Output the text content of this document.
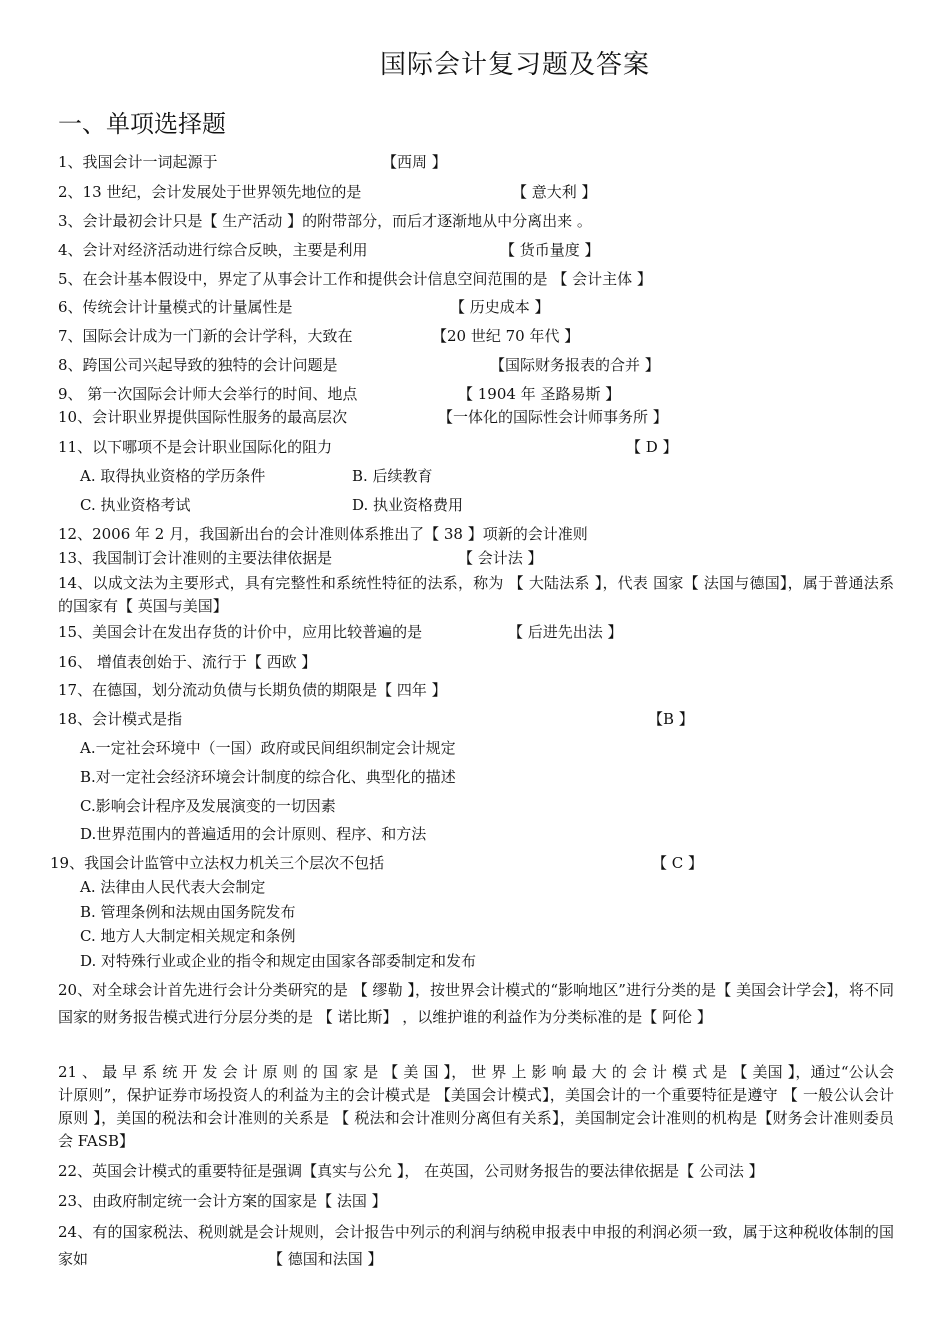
国际会计复习题及答案
一、单项选择题
1、我国会计一词起源于	【西周 】
2、13 世纪，会计发展处于世界领先地位的是	【 意大利 】
3、会计最初会计只是【 生产活动 】的附带部分，而后才逐渐地从中分离出来 。
4、会计对经济活动进行综合反映，主要是利用	【 货币量度 】
5、在会计基本假设中，界定了从事会计工作和提供会计信息空间范围的是 【 会计主体 】
6、传统会计计量模式的计量属性是	【 历史成本 】
7、国际会计成为一门新的会计学科，大致在	【20 世纪 70 年代 】
8、跨国公司兴起导致的独特的会计问题是	【国际财务报表的合并 】
9、 第一次国际会计师大会举行的时间、地点	【 1904 年 圣路易斯 】
10、会计职业界提供国际性服务的最高层次	【一体化的国际性会计师事务所 】
11、以下哪项不是会计职业国际化的阻力	【 D 】
A. 取得执业资格的学历条件	B. 后续教育
C. 执业资格考试	D. 执业资格费用
12、2006 年 2 月，我国新出台的会计准则体系推出了【 38 】项新的会计准则
13、我国制订会计准则的主要法律依据是	【 会计法 】
14、以成文法为主要形式，具有完整性和系统性特征的法系，称为 【 大陆法系 】，代表 国家【 法国与德国】，属于普通法系的国家有【 英国与美国】
15、美国会计在发出存货的计价中，应用比较普遍的是	【 后进先出法 】
16、 增值表创始于、流行于【 西欧 】
17、在德国，划分流动负债与长期负债的期限是【 四年 】
18、会计模式是指	【B 】
A.一定社会环境中（一国）政府或民间组织制定会计规定
B.对一定社会经济环境会计制度的综合化、典型化的描述
C.影响会计程序及发展演变的一切因素
D.世界范围内的普遍适用的会计原则、程序、和方法
19、我国会计监管中立法权力机关三个层次不包括	【 C 】
A. 法律由人民代表大会制定
B. 管理条例和法规由国务院发布
C. 地方人大制定相关规定和条例
D. 对特殊行业或企业的指令和规定由国家各部委制定和发布
20、对全球会计首先进行会计分类研究的是 【 缪勒 】，按世界会计模式的“影响地区”进行分类的是【 美国会计学会】，将不同国家的财务报告模式进行分层分类的是 【 诺比斯】 ，以维护谁的利益作为分类标准的是【 阿伦 】
21 、 最 早 系 统 开 发 会 计 原 则 的 国 家 是 【 美 国 】， 世 界 上 影 响 最 大 的 会 计 模 式 是 【 美国 】，通过“公认会计原则”，保护证券市场投资人的利益为主的会计模式是 【美国会计模式】，美国会计的一个重要特征是遵守 【 一般公认会计原则 】，美国的税法和会计准则的关系是 【 税法和会计准则分离但有关系】，美国制定会计准则的机构是【财务会计准则委员会 FASB】
22、英国会计模式的重要特征是强调【真实与公允 】， 在英国，公司财务报告的要法律依据是【 公司法 】
23、由政府制定统一会计方案的国家是【 法国 】
24、有的国家税法、税则就是会计规则，会计报告中列示的利润与纳税申报表中申报的利润必须一致，属于这种税收体制的国家如	【 德国和法国 】
